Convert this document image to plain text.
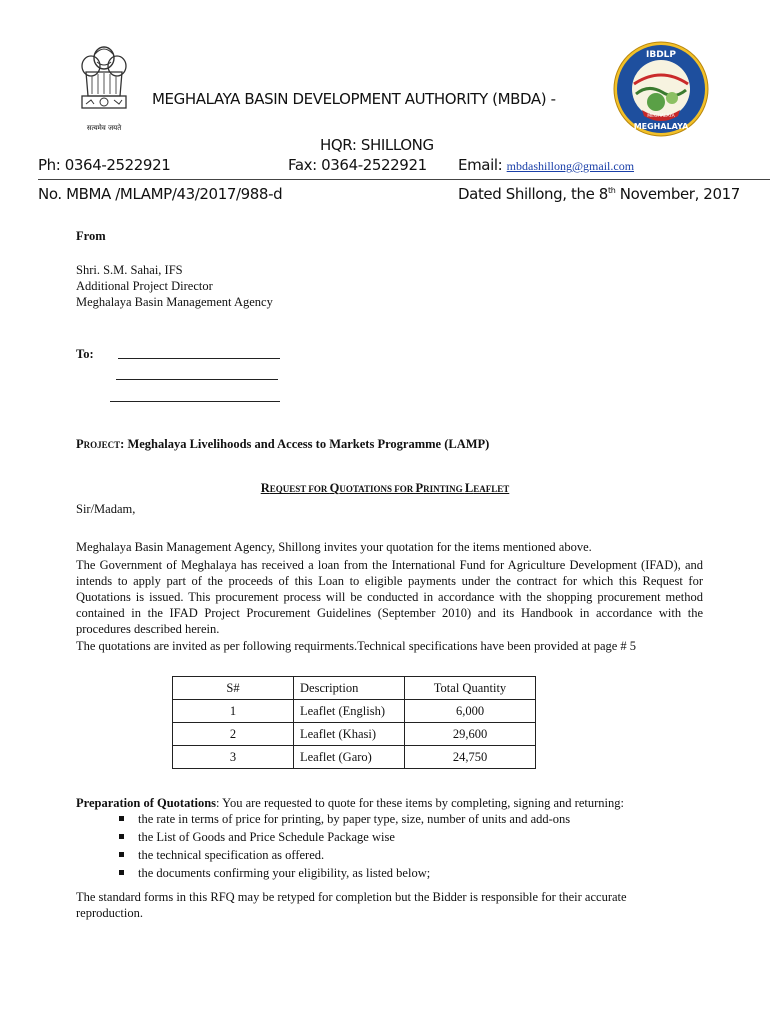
सत्यमेव जयते
IBDLP
MEGHALAYA
MEGHALAYA
MEGHALAYA BASIN DEVELOPMENT AUTHORITY (MBDA) -
HQR: SHILLONG
Ph: 0364-2522921	Fax: 0364-2522921 Email: mbdashillong@gmail.com
No. MBMA /MLAMP/43/2017/988-d	Dated Shillong, the 8th November, 2017
From
Shri. S.M. Sahai, IFS
Additional Project Director
Meghalaya Basin Management Agency
To:
PROJECT: Meghalaya Livelihoods and Access to Markets Programme (LAMP)
REQUEST FOR QUOTATIONS FOR PRINTING LEAFLET
Sir/Madam,
Meghalaya Basin Management Agency, Shillong invites your quotation for the items mentioned above.
The Government of Meghalaya has received a loan from the International Fund for Agriculture Development (IFAD), and intends to apply part of the proceeds of this Loan to eligible payments under the contract for which this Request for Quotations is issued. This procurement process will be conducted in accordance with the shopping procurement method contained in the IFAD Project Procurement Guidelines (September 2010) and its Handbook in accordance with the procedures described herein.
The quotations are invited as per following requirments.Technical specifications have been provided at page # 5
S#	Description	Total Quantity
1	Leaflet (English)	6,000
2	Leaflet (Khasi)	29,600
3	Leaflet (Garo)	24,750
Preparation of Quotations: You are requested to quote for these items by completing, signing and returning:
the rate in terms of price for printing, by paper type, size, number of units and add-ons
the List of Goods and Price Schedule Package wise
the technical specification as offered.
the documents confirming your eligibility, as listed below;
The standard forms in this RFQ may be retyped for completion but the Bidder is responsible for their accurate reproduction.
